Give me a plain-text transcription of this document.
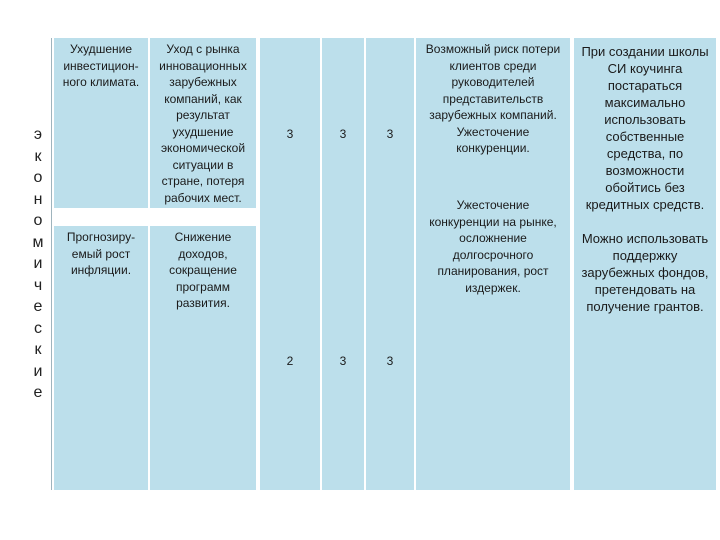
э
к
о
н
о
м
и
ч
е
с
к
и
е
Ухудшение инвестицион-ного климата.
Уход с рынка инновационных зарубежных компаний, как результат ухудшение экономической ситуации в стране, потеря рабочих мест.
Прогнозиру-емый рост инфляции.
Снижение доходов, сокращение программ развития.
3
2
3
3
3
3
Возможный риск потери клиентов среди руководителей представительств зарубежных компаний. Ужесточение конкуренции.
Ужесточение конкуренции на рынке, осложнение долгосрочного планирования, рост издержек.
При создании школы СИ коучинга постараться максимально использовать собственные средства, по возможности обойтись без кредитных средств.
Можно использовать поддержку зарубежных фондов, претендовать на получение грантов.
